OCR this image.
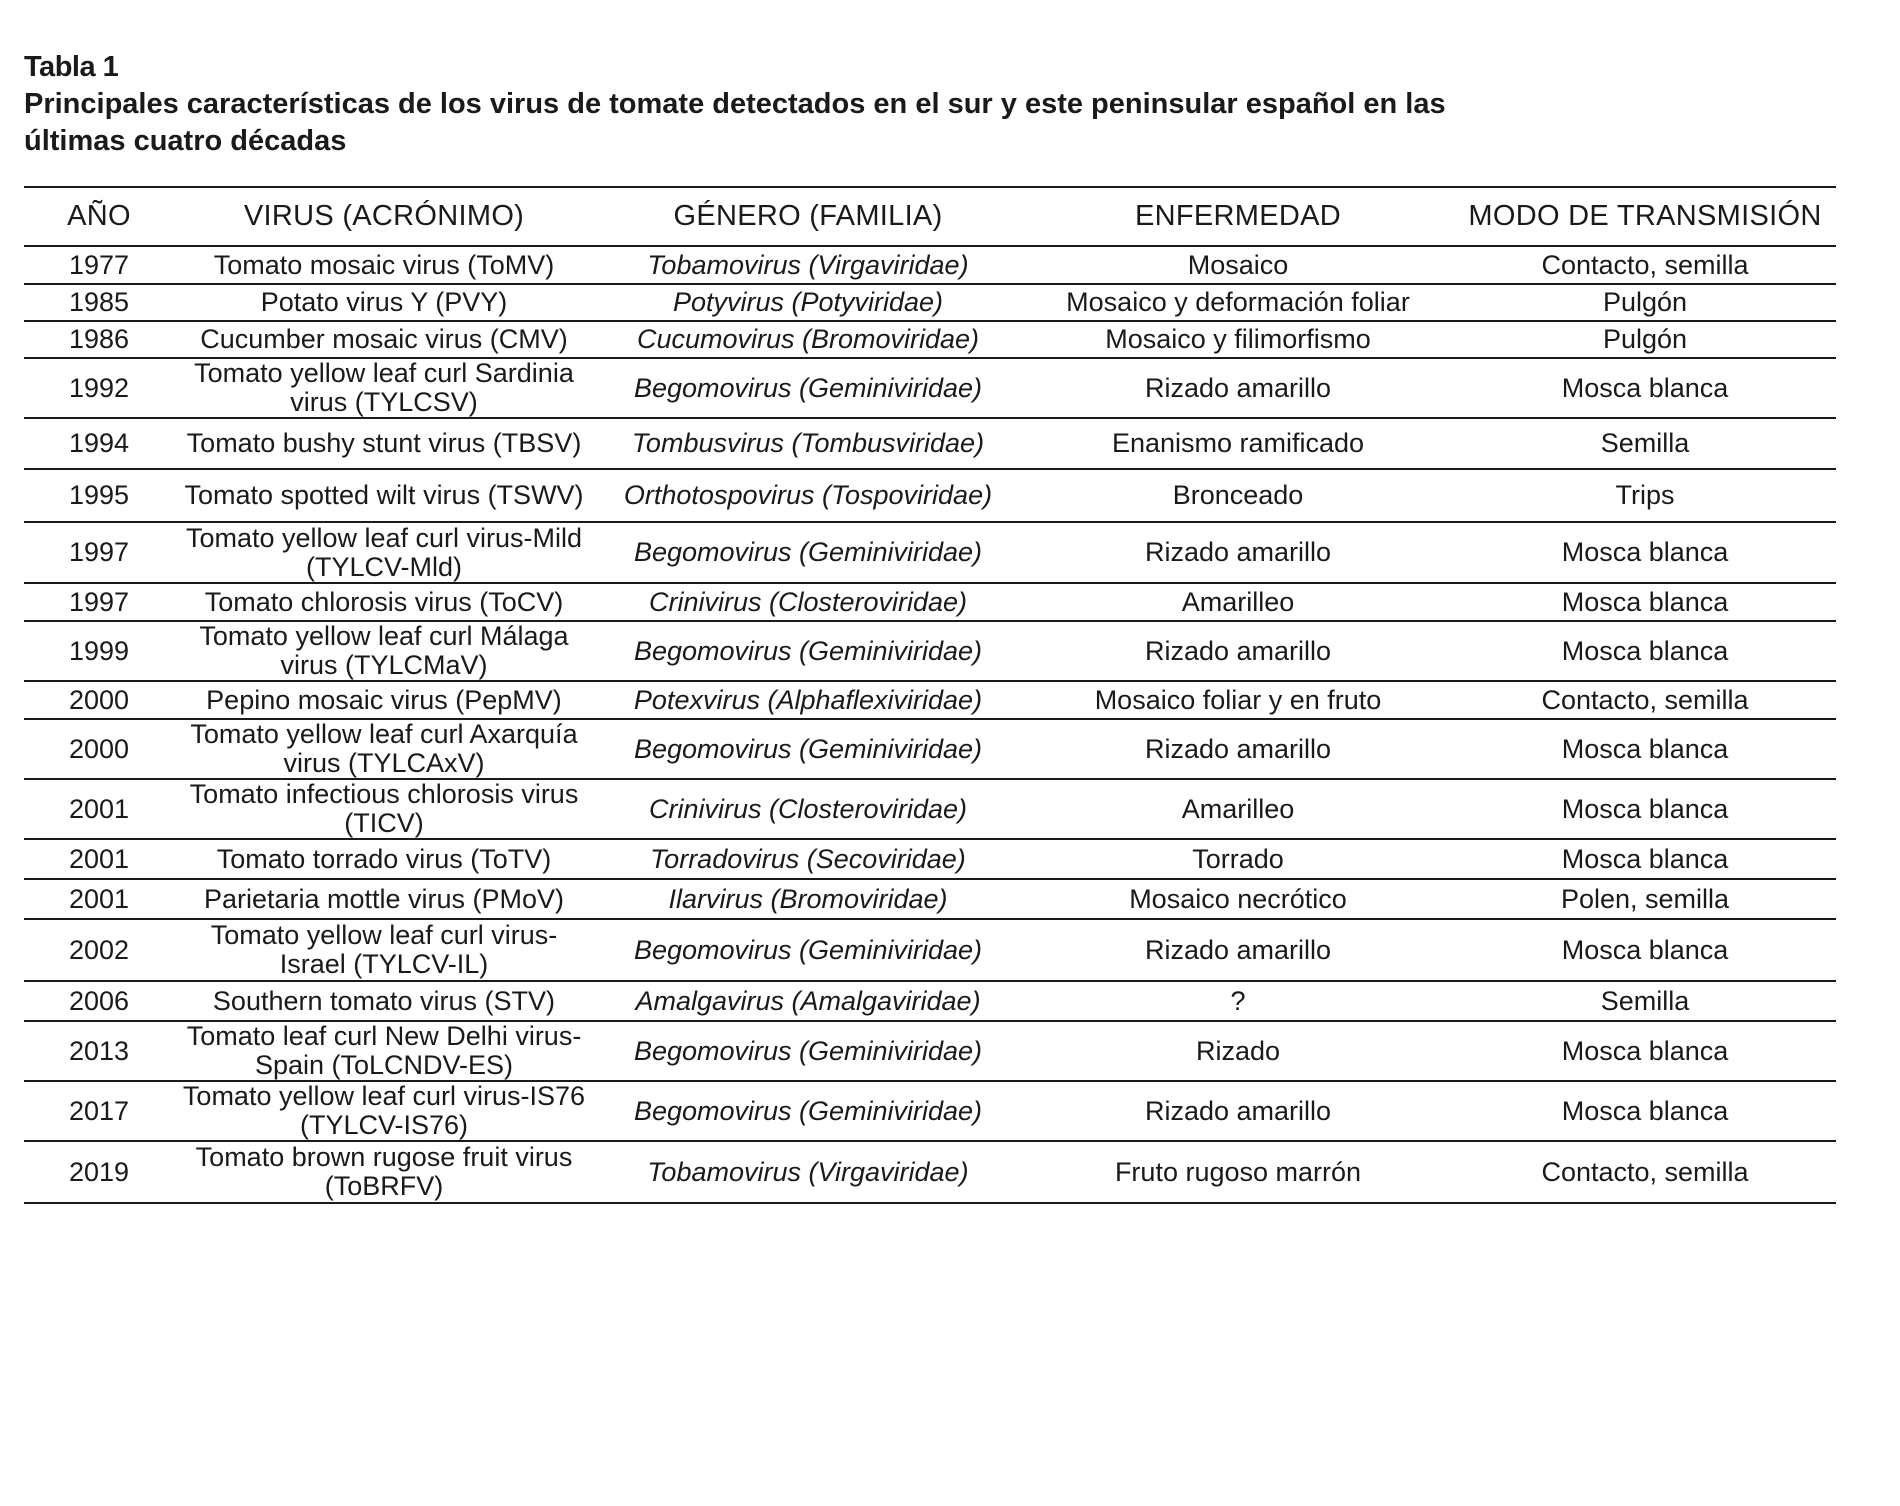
Tabla 1

Principales características de los virus de tomate detectados en el sur y este peninsular español en las últimas cuatro décadas

AÑO	VIRUS (ACRÓNIMO)	GÉNERO (FAMILIA)	ENFERMEDAD	MODO DE TRANSMISIÓN
1977	Tomato mosaic virus (ToMV)	Tobamovirus (Virgaviridae)	Mosaico	Contacto, semilla
1985	Potato virus Y (PVY)	Potyvirus (Potyviridae)	Mosaico y deformación foliar	Pulgón
1986	Cucumber mosaic virus (CMV)	Cucumovirus (Bromoviridae)	Mosaico y filimorfismo	Pulgón
1992	Tomato yellow leaf curl Sardinia virus (TYLCSV)	Begomovirus (Geminiviridae)	Rizado amarillo	Mosca blanca
1994	Tomato bushy stunt virus (TBSV)	Tombusvirus (Tombusviridae)	Enanismo ramificado	Semilla
1995	Tomato spotted wilt virus (TSWV)	Orthotospovirus (Tospoviridae)	Bronceado	Trips
1997	Tomato yellow leaf curl virus-Mild (TYLCV-Mld)	Begomovirus (Geminiviridae)	Rizado amarillo	Mosca blanca
1997	Tomato chlorosis virus (ToCV)	Crinivirus (Closteroviridae)	Amarilleo	Mosca blanca
1999	Tomato yellow leaf curl Málaga virus (TYLCMaV)	Begomovirus (Geminiviridae)	Rizado amarillo	Mosca blanca
2000	Pepino mosaic virus (PepMV)	Potexvirus (Alphaflexiviridae)	Mosaico foliar y en fruto	Contacto, semilla
2000	Tomato yellow leaf curl Axarquía virus (TYLCAxV)	Begomovirus (Geminiviridae)	Rizado amarillo	Mosca blanca
2001	Tomato infectious chlorosis virus (TICV)	Crinivirus (Closteroviridae)	Amarilleo	Mosca blanca
2001	Tomato torrado virus (ToTV)	Torradovirus (Secoviridae)	Torrado	Mosca blanca
2001	Parietaria mottle virus (PMoV)	Ilarvirus (Bromoviridae)	Mosaico necrótico	Polen, semilla
2002	Tomato yellow leaf curl virus-Israel (TYLCV-IL)	Begomovirus (Geminiviridae)	Rizado amarillo	Mosca blanca
2006	Southern tomato virus (STV)	Amalgavirus (Amalgaviridae)	?	Semilla
2013	Tomato leaf curl New Delhi virus-Spain (ToLCNDV-ES)	Begomovirus (Geminiviridae)	Rizado	Mosca blanca
2017	Tomato yellow leaf curl virus-IS76 (TYLCV-IS76)	Begomovirus (Geminiviridae)	Rizado amarillo	Mosca blanca
2019	Tomato brown rugose fruit virus (ToBRFV)	Tobamovirus (Virgaviridae)	Fruto rugoso marrón	Contacto, semilla
